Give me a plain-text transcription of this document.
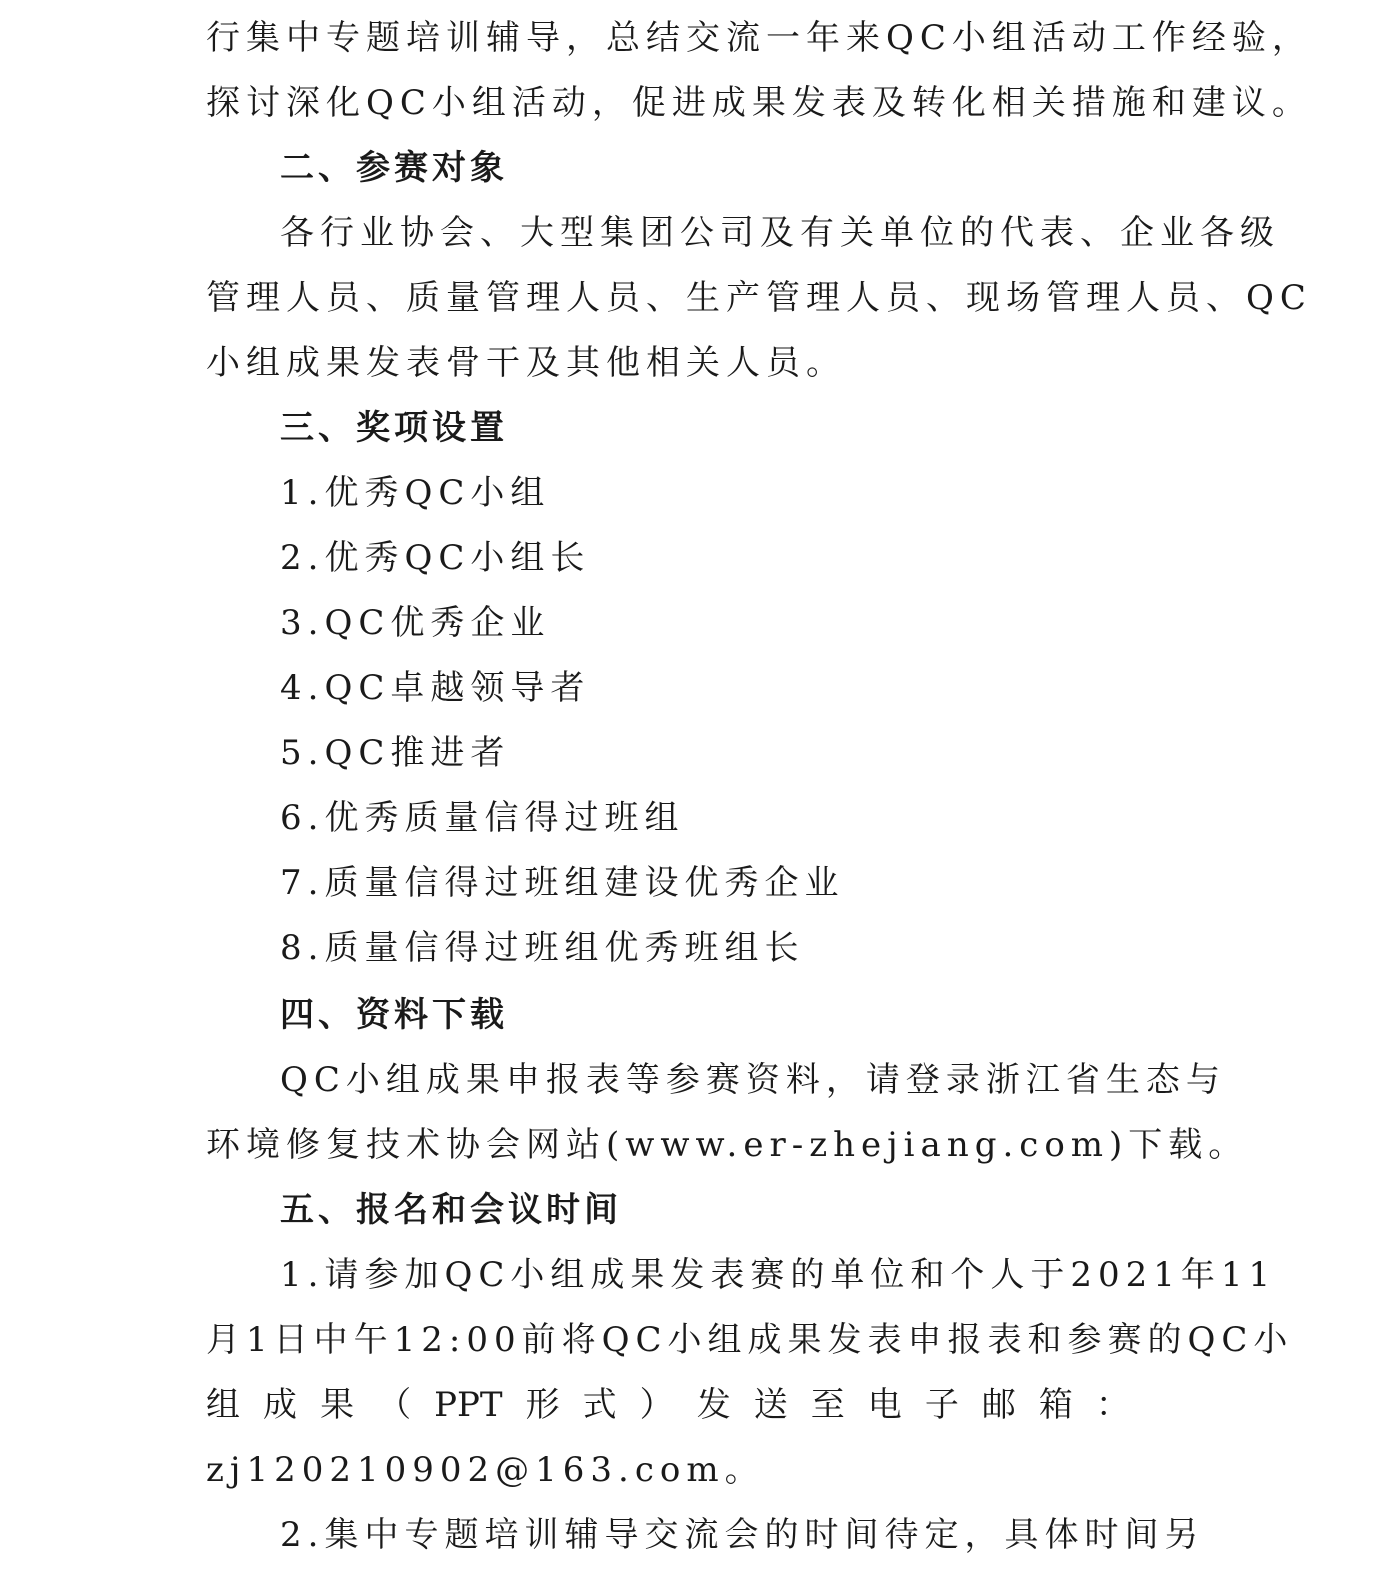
行集中专题培训辅导，总结交流一年来QC小组活动工作经验，
探讨深化QC小组活动，促进成果发表及转化相关措施和建议。
二、参赛对象
各行业协会、大型集团公司及有关单位的代表、企业各级
管理人员、质量管理人员、生产管理人员、现场管理人员、QC
小组成果发表骨干及其他相关人员。
三、奖项设置
1.优秀QC小组
2.优秀QC小组长
3.QC优秀企业
4.QC卓越领导者
5.QC推进者
6.优秀质量信得过班组
7.质量信得过班组建设优秀企业
8.质量信得过班组优秀班组长
四、资料下载
QC小组成果申报表等参赛资料，请登录浙江省生态与
环境修复技术协会网站(www.er-zhejiang.com)下载。
五、报名和会议时间
1.请参加QC小组成果发表赛的单位和个人于2021年11
月1日中午12:00前将QC小组成果发表申报表和参赛的QC小
组 成 果 （ PPT 形 式 ） 发 送 至 电 子 邮 箱 ：
zj120210902@163.com。
2.集中专题培训辅导交流会的时间待定，具体时间另
